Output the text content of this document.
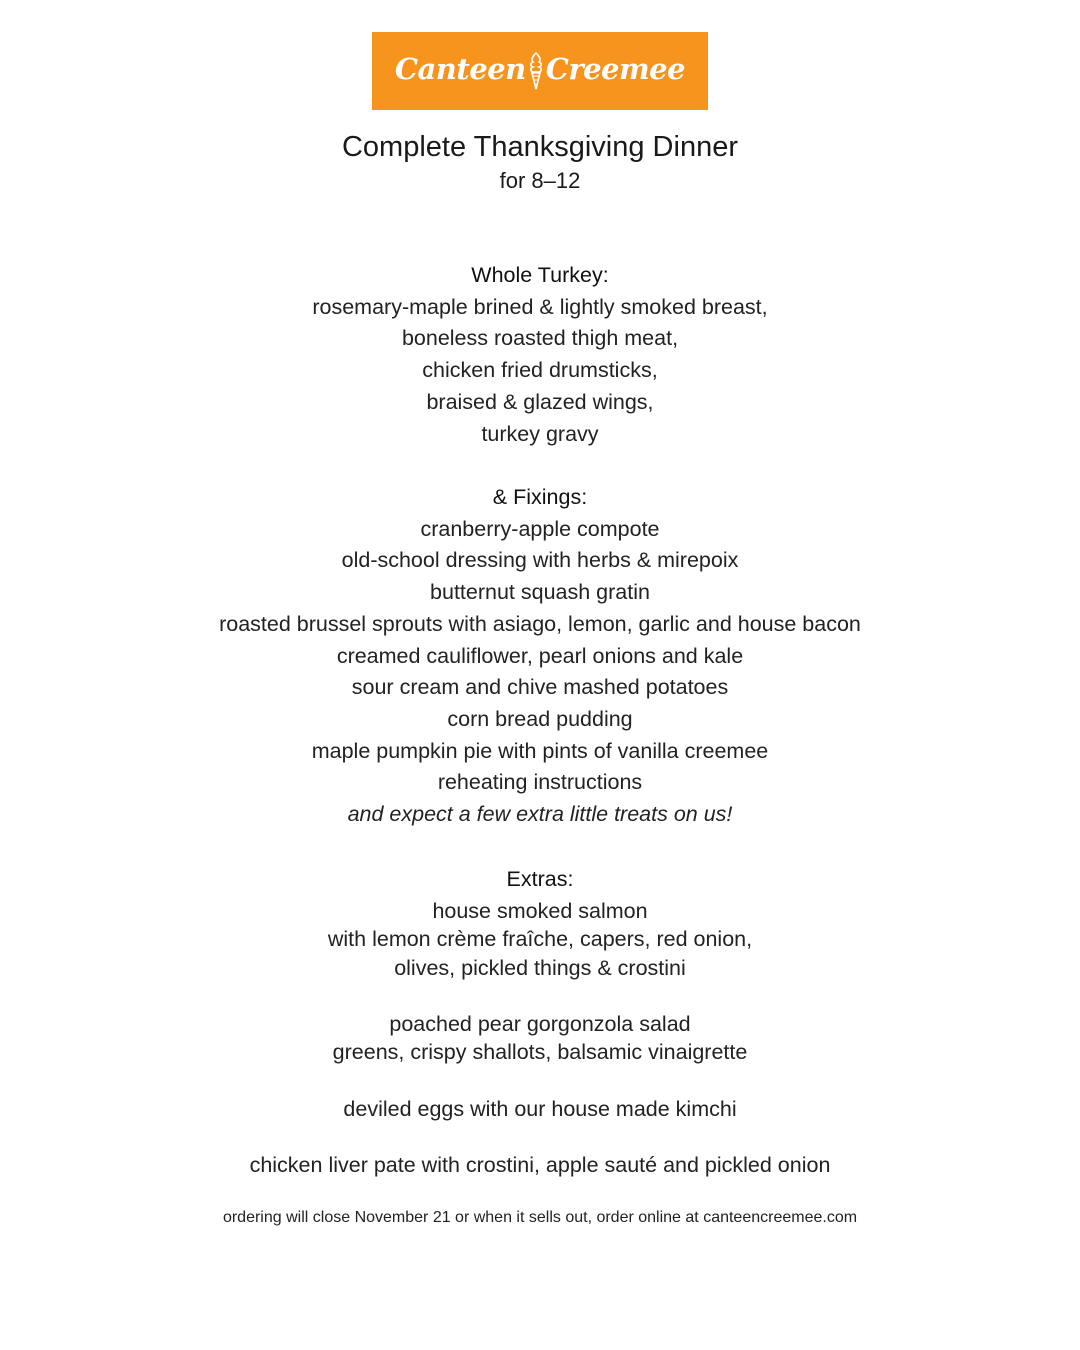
Canteen Creemee
Complete Thanksgiving Dinner
for 8–12
Whole Turkey:
rosemary-maple brined & lightly smoked breast,
boneless roasted thigh meat,
chicken fried drumsticks,
braised & glazed wings,
turkey gravy
& Fixings:
cranberry-apple compote
old-school dressing with herbs & mirepoix
butternut squash gratin
roasted brussel sprouts with asiago, lemon, garlic and house bacon
creamed cauliflower, pearl onions and kale
sour cream and chive mashed potatoes
corn bread pudding
maple pumpkin pie with pints of vanilla creemee
reheating instructions
and expect a few extra little treats on us!
Extras:
house smoked salmon
with lemon crème fraîche, capers, red onion,
olives, pickled things & crostini
poached pear gorgonzola salad
greens, crispy shallots, balsamic vinaigrette
deviled eggs with our house made kimchi
chicken liver pate with crostini, apple sauté and pickled onion
ordering will close November 21 or when it sells out, order online at canteencreemee.com
